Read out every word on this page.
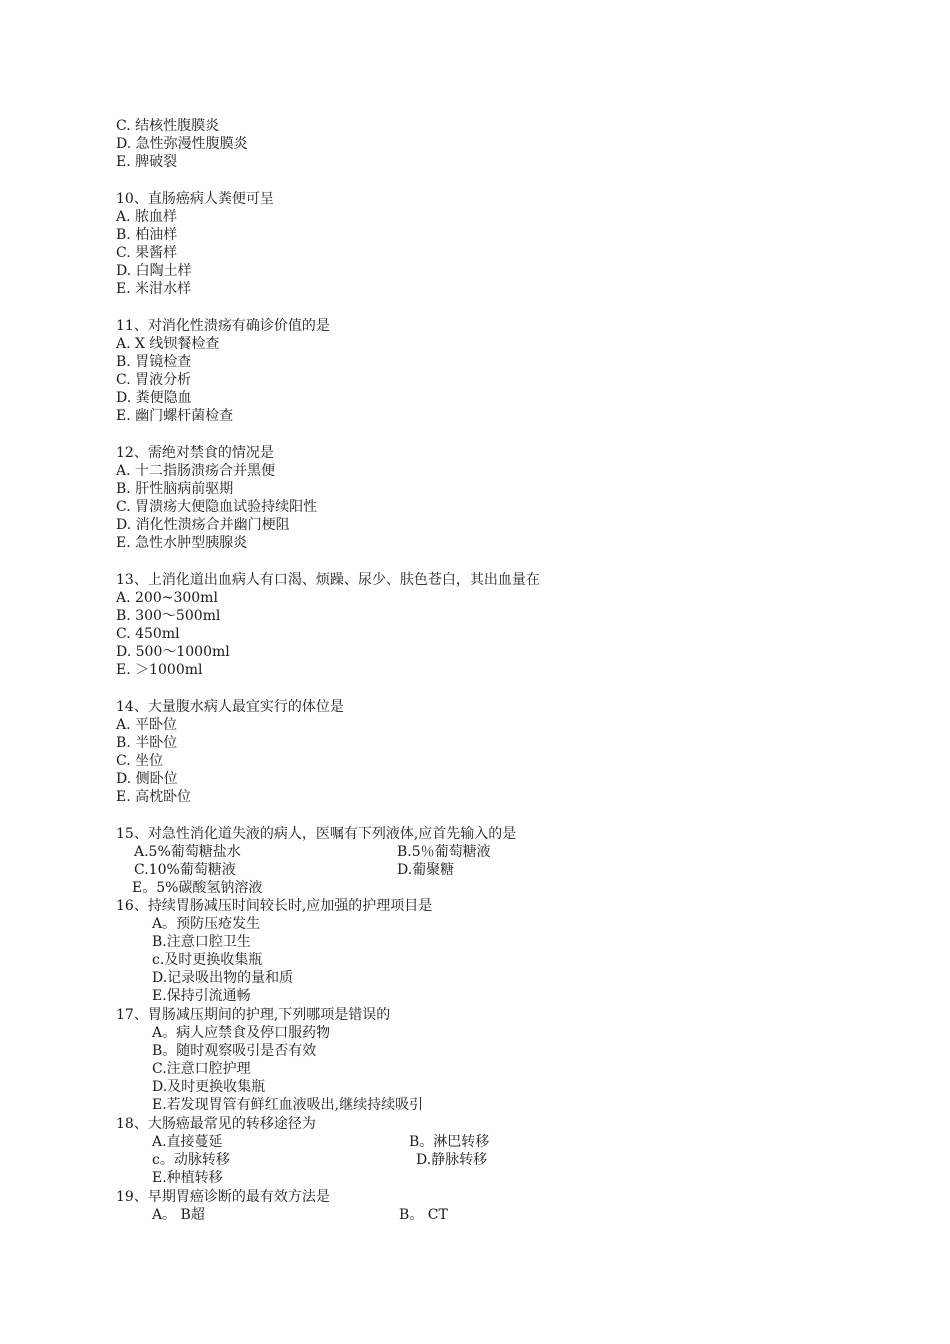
C. 结核性腹膜炎
D. 急性弥漫性腹膜炎
E. 脾破裂
10、直肠癌病人粪便可呈
A. 脓血样
B. 柏油样
C. 果酱样
D. 白陶土样
E. 米泔水样
11、对消化性溃疡有确诊价值的是
A. X 线钡餐检查
B. 胃镜检查
C. 胃液分析
D. 粪便隐血
E. 幽门螺杆菌检查
12、需绝对禁食的情况是
A. 十二指肠溃疡合并黑便
B. 肝性脑病前驱期
C. 胃溃疡大便隐血试验持续阳性
D. 消化性溃疡合并幽门梗阻
E. 急性水肿型胰腺炎
13、上消化道出血病人有口渴、烦躁、尿少、肤色苍白，其出血量在
A. 200~300ml
B. 300～500ml
C. 450ml
D. 500～1000ml
E. ＞1000ml
14、大量腹水病人最宜实行的体位是
A. 平卧位
B. 半卧位
C. 坐位
D. 侧卧位
E. 高枕卧位
15、对急性消化道失液的病人，医嘱有下列液体,应首先输入的是
A.5%葡萄糖盐水	B.5％葡萄糖液
C.10%葡萄糖液	D.葡聚糖
E。5%碳酸氢钠溶液
16、持续胃肠减压时间较长时,应加强的护理项目是
A。预防压疮发生
B.注意口腔卫生
c.及时更换收集瓶
D.记录吸出物的量和质
E.保持引流通畅
17、胃肠减压期间的护理,下列哪项是错误的
A。病人应禁食及停口服药物
B。随时观察吸引是否有效
C.注意口腔护理
D.及时更换收集瓶
E.若发现胃管有鲜红血液吸出,继续持续吸引
18、大肠癌最常见的转移途径为
A.直接蔓延	B。淋巴转移
c。动脉转移	D.静脉转移
E.种植转移
19、早期胃癌诊断的最有效方法是
A。 B超	B。 CT
